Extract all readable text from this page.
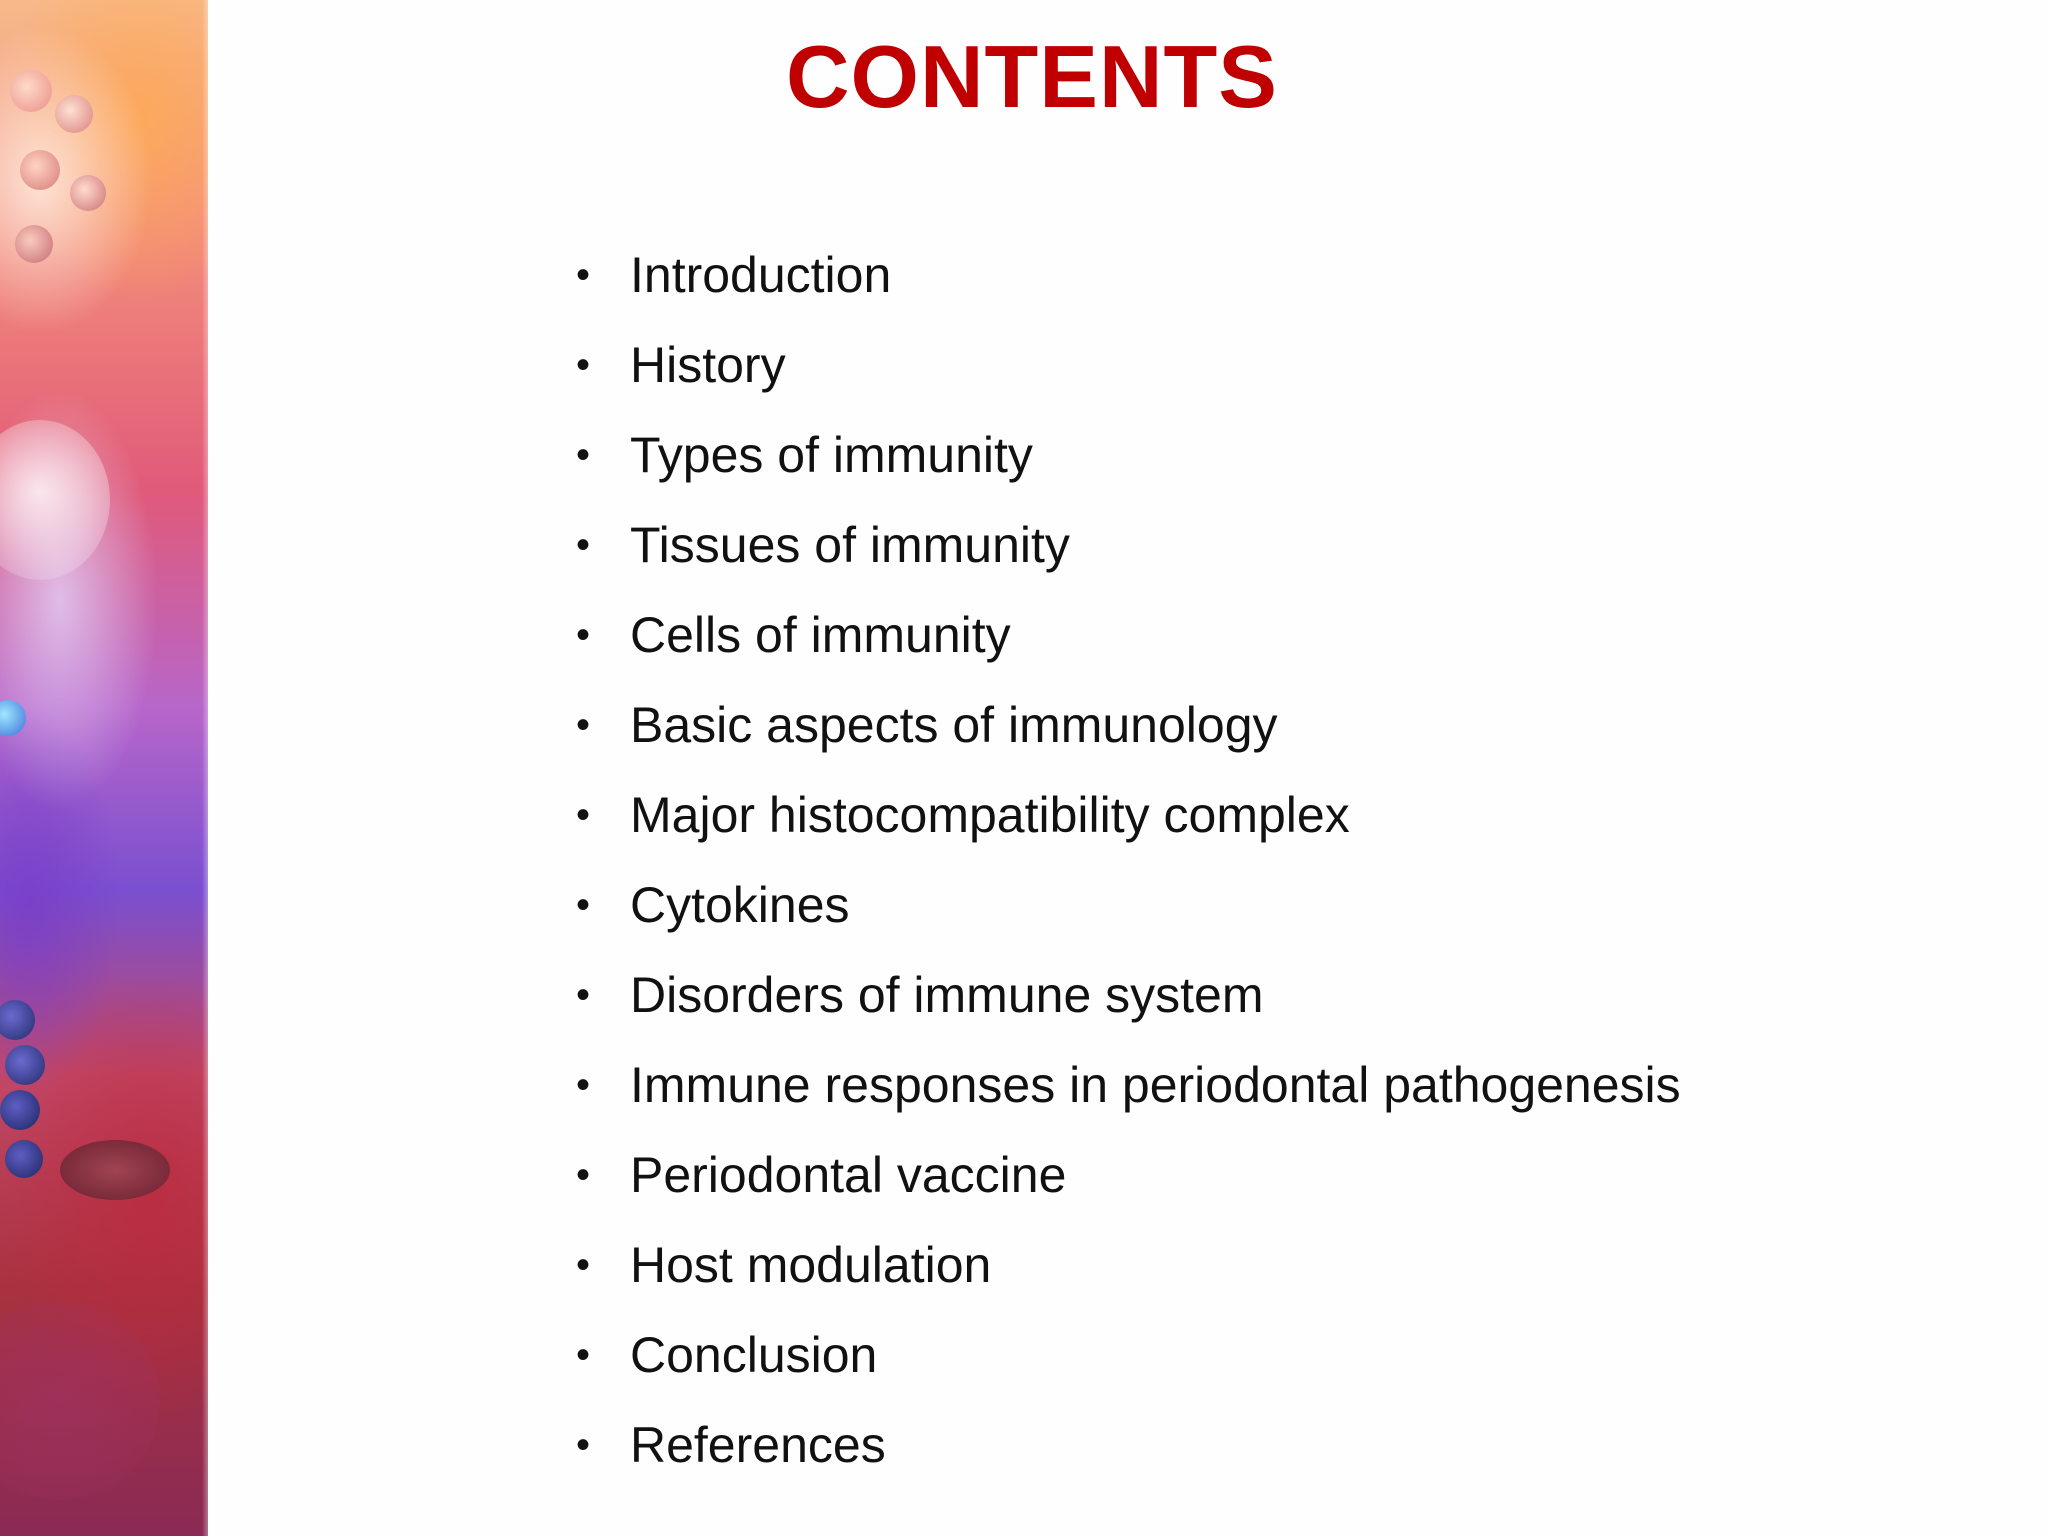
CONTENTS
• Introduction
• History
• Types of immunity
• Tissues of immunity
• Cells of immunity
• Basic aspects of immunology
• Major histocompatibility complex
• Cytokines
• Disorders of immune system
• Immune responses in periodontal pathogenesis
• Periodontal vaccine
• Host modulation
• Conclusion
• References
